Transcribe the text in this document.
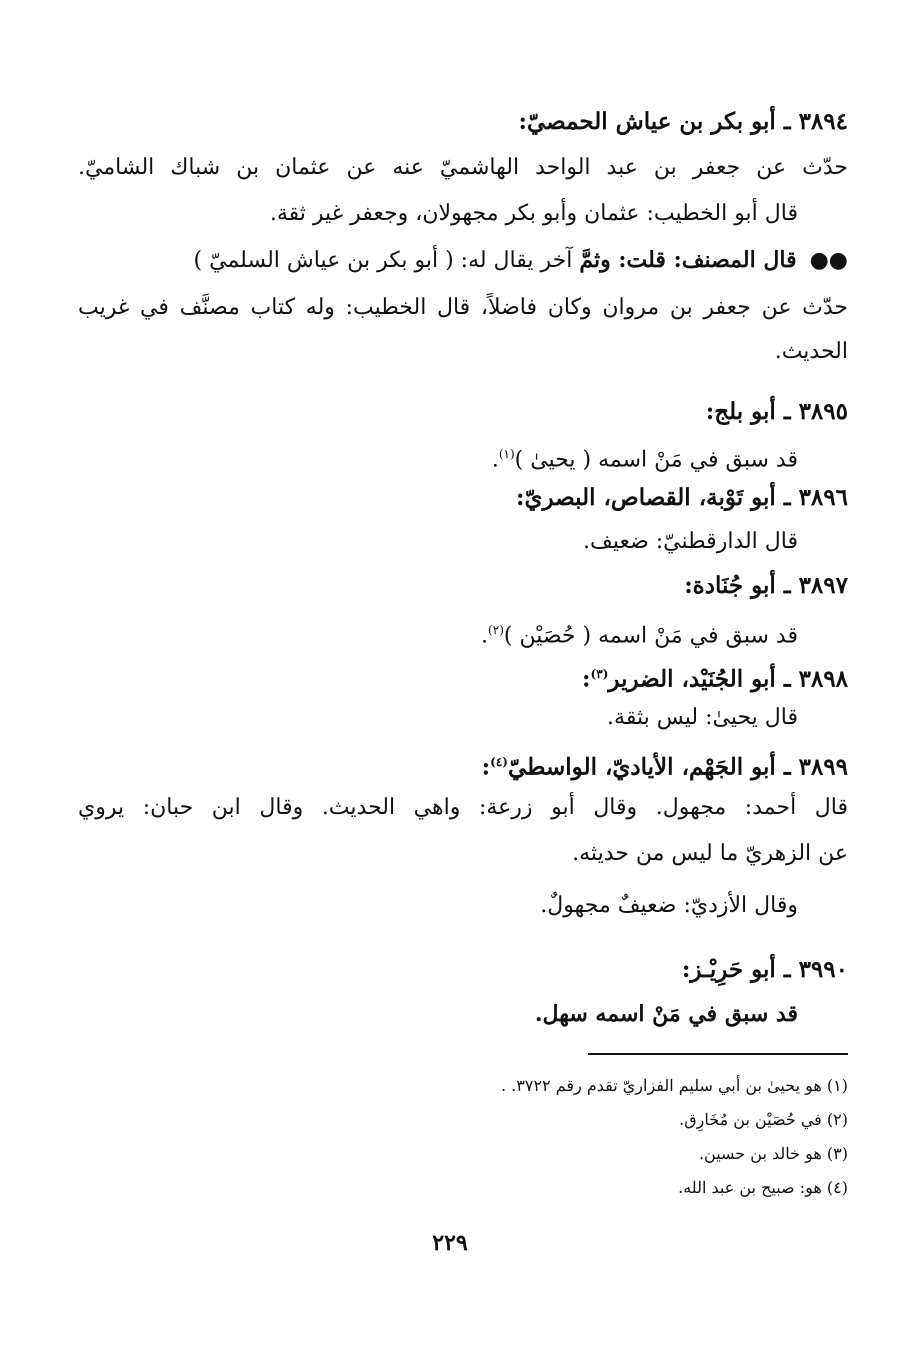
٣٨٩٤ ـ أبو بكر بن عياش الحمصيّ:
حدّث عن جعفر بن عبد الواحد الهاشميّ عنه عن عثمان بن شباك الشاميّ.
قال أبو الخطيب: عثمان وأبو بكر مجهولان، وجعفر غير ثقة.
●● قال المصنف: قلت: وثمَّ آخر يقال له: ( أبو بكر بن عياش السلميّ )
حدّث عن جعفر بن مروان وكان فاضلاً، قال الخطيب: وله كتاب مصنَّف في غريب
الحديث.
٣٨٩٥ ـ أبو بلج:
قد سبق في مَنْ اسمه ( يحيىٰ )$^{(١)}$.
٣٨٩٦ ـ أبو تَوْبة، القصاص، البصريّ:
قال الدارقطنيّ: ضعيف.
٣٨٩٧ ـ أبو جُنَادة:
قد سبق في مَنْ اسمه ( حُصَيْن )$^{(٢)}$.
٣٨٩٨ ـ أبو الجُنَيْد، الضرير$^{(٣)}$:
قال يحيىٰ: ليس بثقة.
٣٨٩٩ ـ أبو الجَهْم، الأياديّ، الواسطيّ$^{(٤)}$:
قال أحمد: مجهول. وقال أبو زرعة: واهي الحديث. وقال ابن حبان: يروي
عن الزهريّ ما ليس من حديثه.
وقال الأزديّ: ضعيفٌ مجهولٌ.
٣٩٩٠ ـ أبو حَرِيْـز:
قد سبق في مَنْ اسمه سهل.
(١) هو يحيىٰ بن أبي سليم الفزاريّ تقدم رقم ٣٧٢٢. .
(٢) في حُصَيْن بن مُخَارِق.
(٣) هو خالد بن حسين.
(٤) هو: صبيح بن عبد الله.
٢٢٩
